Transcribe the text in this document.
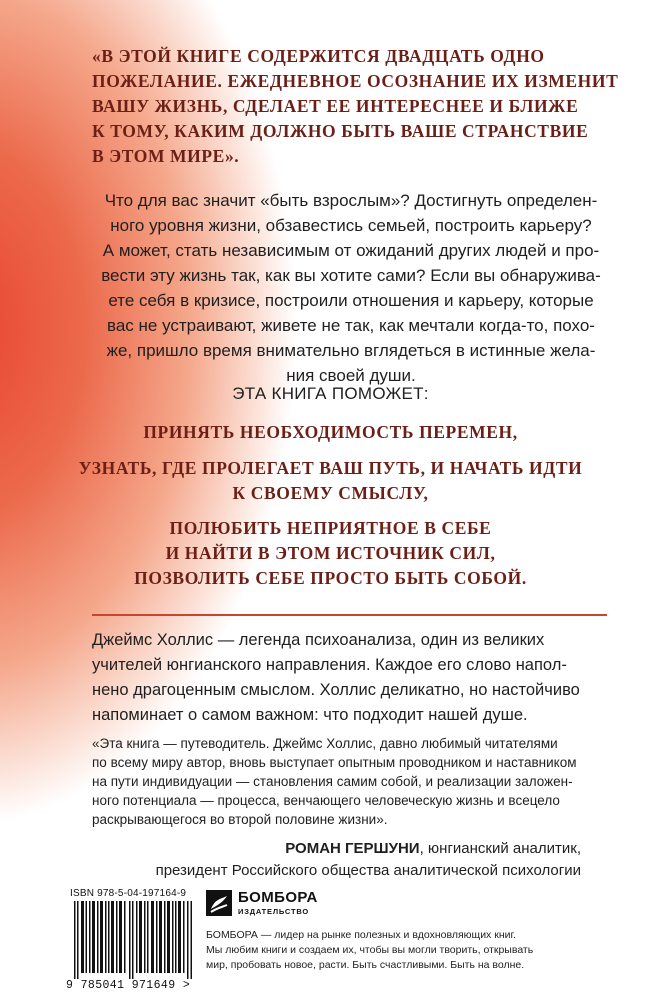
«В ЭТОЙ КНИГЕ СОДЕРЖИТСЯ ДВАДЦАТЬ ОДНО
ПОЖЕЛАНИЕ. ЕЖЕДНЕВНОЕ ОСОЗНАНИЕ ИХ ИЗМЕНИТ
ВАШУ ЖИЗНЬ, СДЕЛАЕТ ЕЕ ИНТЕРЕСНЕЕ И БЛИЖЕ
К ТОМУ, КАКИМ ДОЛЖНО БЫТЬ ВАШЕ СТРАНСТВИЕ
В ЭТОМ МИРЕ».
Что для вас значит «быть взрослым»? Достигнуть определен-
ного уровня жизни, обзавестись семьей, построить карьеру?
А может, стать независимым от ожиданий других людей и про-
вести эту жизнь так, как вы хотите сами? Если вы обнаружива-
ете себя в кризисе, построили отношения и карьеру, которые
вас не устраивают, живете не так, как мечтали когда-то, похо-
же, пришло время внимательно вглядеться в истинные жела-
ния своей души.
ЭТА КНИГА ПОМОЖЕТ:
ПРИНЯТЬ НЕОБХОДИМОСТЬ ПЕРЕМЕН,
УЗНАТЬ, ГДЕ ПРОЛЕГАЕТ ВАШ ПУТЬ, И НАЧАТЬ ИДТИ
К СВОЕМУ СМЫСЛУ,
ПОЛЮБИТЬ НЕПРИЯТНОЕ В СЕБЕ
И НАЙТИ В ЭТОМ ИСТОЧНИК СИЛ,
ПОЗВОЛИТЬ СЕБЕ ПРОСТО БЫТЬ СОБОЙ.
Джеймс Холлис — легенда психоанализа, один из великих
учителей юнгианского направления. Каждое его слово напол-
нено драгоценным смыслом. Холлис деликатно, но настойчиво
напоминает о самом важном: что подходит нашей душе.
«Эта книга — путеводитель. Джеймс Холлис, давно любимый читателями
по всему миру автор, вновь выступает опытным проводником и наставником
на пути индивидуации — становления самим собой, и реализации заложен-
ного потенциала — процесса, венчающего человеческую жизнь и всецело
раскрывающегося во второй половине жизни».
РОМАН ГЕРШУНИ, юнгианский аналитик,
президент Российского общества аналитической психологии
ISBN 978-5-04-197164-9
9 785041 971649 >
БОМБОРА
ИЗДАТЕЛЬСТВО
БОМБОРА — лидер на рынке полезных и вдохновляющих книг.
Мы любим книги и создаем их, чтобы вы могли творить, открывать
мир, пробовать новое, расти. Быть счастливыми. Быть на волне.
